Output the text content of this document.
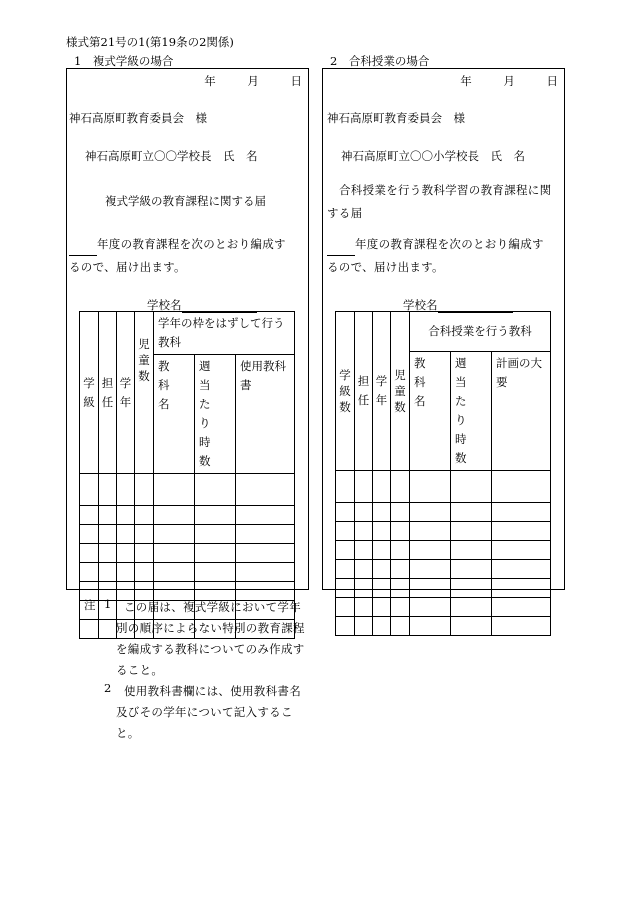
様式第21号の1(第19条の2関係)
1　複式学級の場合	2　合科授業の場合
年	月	日
神石高原町教育委員会　様
神石高原町立〇〇学校長　氏　名
複式学級の教育課程に関する届
年度の教育課程を次のとおり編成す
るので、届け出ます。
学校名
学級	担任	学年	児童数	学年の枠をはずして行う教科		
				教科名	週当たり時数	使用教科書

年	月	日
神石高原町教育委員会　様
神石高原町立〇〇小学校長　氏　名
合科授業を行う教科学習の教育課程に関
する届
年度の教育課程を次のとおり編成す
るので、届け出ます。
学校名
学級数	担任	学年	児童数	合科授業を行う教科		
				教科名	週当たり時数	計画の大要

注 1	この届は、複式学級において学年別の順序によらない特別の教育課程を編成する教科についてのみ作成すること。
2	使用教科書欄には、使用教科書名及びその学年について記入すること。
